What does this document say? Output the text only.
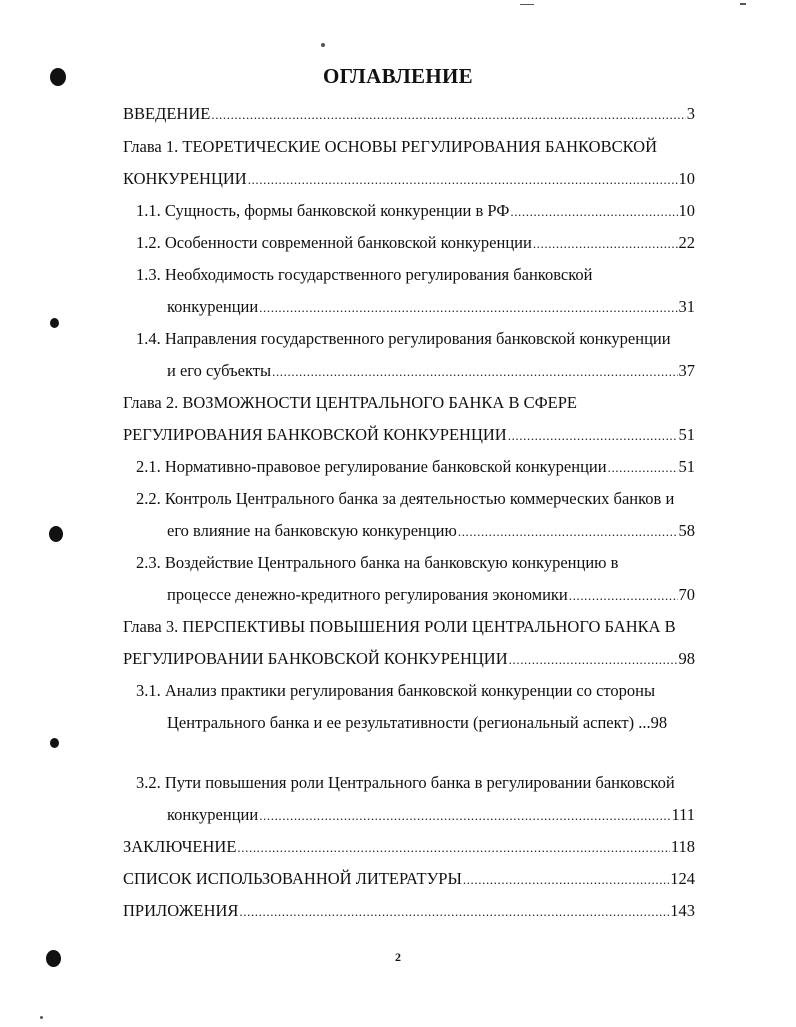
ОГЛАВЛЕНИЕ
ВВЕДЕНИЕ .....	3
Глава 1. ТЕОРЕТИЧЕСКИЕ ОСНОВЫ РЕГУЛИРОВАНИЯ БАНКОВСКОЙ
КОНКУРЕНЦИИ .....	10
1.1. Сущность, формы банковской конкуренции в РФ .....	10
1.2. Особенности современной банковской конкуренции .....	22
1.3. Необходимость государственного регулирования банковской
конкуренции .....	31
1.4. Направления государственного регулирования банковской конкуренции
и его субъекты .....	37
Глава 2. ВОЗМОЖНОСТИ ЦЕНТРАЛЬНОГО БАНКА В СФЕРЕ
РЕГУЛИРОВАНИЯ БАНКОВСКОЙ КОНКУРЕНЦИИ .....	51
2.1. Нормативно-правовое регулирование банковской конкуренции .....	51
2.2. Контроль Центрального банка за деятельностью коммерческих банков и
его влияние на банковскую конкуренцию .....	58
2.3. Воздействие Центрального банка на банковскую конкуренцию в
процессе денежно-кредитного регулирования экономики .....	70
Глава 3. ПЕРСПЕКТИВЫ ПОВЫШЕНИЯ РОЛИ ЦЕНТРАЛЬНОГО БАНКА В
РЕГУЛИРОВАНИИ БАНКОВСКОЙ КОНКУРЕНЦИИ .....	98
3.1. Анализ практики регулирования банковской конкуренции со стороны
Центрального банка и ее результативности (региональный аспект) ...98
3.2. Пути повышения роли Центрального банка в регулировании банковской
конкуренции .....	111
ЗАКЛЮЧЕНИЕ .....	118
СПИСОК ИСПОЛЬЗОВАННОЙ ЛИТЕРАТУРЫ .....	124
ПРИЛОЖЕНИЯ .....	143
2
